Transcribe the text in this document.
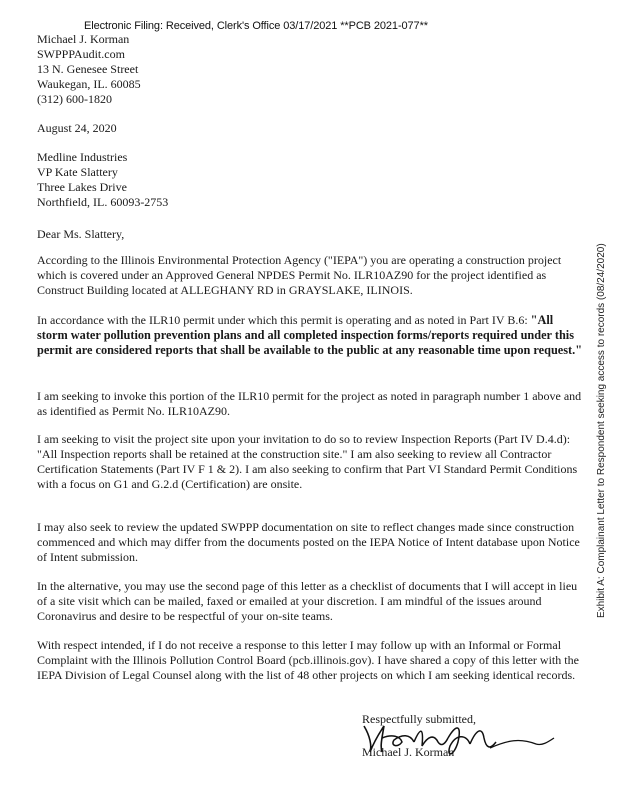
Electronic Filing: Received, Clerk's Office 03/17/2021 **PCB 2021-077**
Michael J. Korman
SWPPPAudit.com
13 N. Genesee Street
Waukegan, IL. 60085
(312) 600-1820
August 24, 2020
Medline Industries
VP Kate Slattery
Three Lakes Drive
Northfield, IL. 60093-2753
Dear Ms. Slattery,
According to the Illinois Environmental Protection Agency ("IEPA") you are operating a construction project which is covered under an Approved General NPDES Permit No. ILR10AZ90 for the project identified as Construct Building located at ALLEGHANY RD in GRAYSLAKE, ILINOIS.
In accordance with the ILR10 permit under which this permit is operating and as noted in Part IV B.6: "All storm water pollution prevention plans and all completed inspection forms/reports required under this permit are considered reports that shall be available to the public at any reasonable time upon request."
I am seeking to invoke this portion of the ILR10 permit for the project as noted in paragraph number 1 above and as identified as Permit No. ILR10AZ90.
I am seeking to visit the project site upon your invitation to do so to review Inspection Reports (Part IV D.4.d): "All Inspection reports shall be retained at the construction site." I am also seeking to review all Contractor Certification Statements (Part IV F 1 & 2). I am also seeking to confirm that Part VI Standard Permit Conditions with a focus on G1 and G.2.d (Certification) are onsite.
I may also seek to review the updated SWPPP documentation on site to reflect changes made since construction commenced and which may differ from the documents posted on the IEPA Notice of Intent database upon Notice of Intent submission.
In the alternative, you may use the second page of this letter as a checklist of documents that I will accept in lieu of a site visit which can be mailed, faxed or emailed at your discretion. I am mindful of the issues around Coronavirus and desire to be respectful of your on-site teams.
With respect intended, if I do not receive a response to this letter I may follow up with an Informal or Formal Complaint with the Illinois Pollution Control Board (pcb.illinois.gov). I have shared a copy of this letter with the IEPA Division of Legal Counsel along with the list of 48 other projects on which I am seeking identical records.
Respectfully submitted,
Michael J. Korman
Exhibit A: Complainant Letter to Respondent seeking access to records (08/24/2020)
